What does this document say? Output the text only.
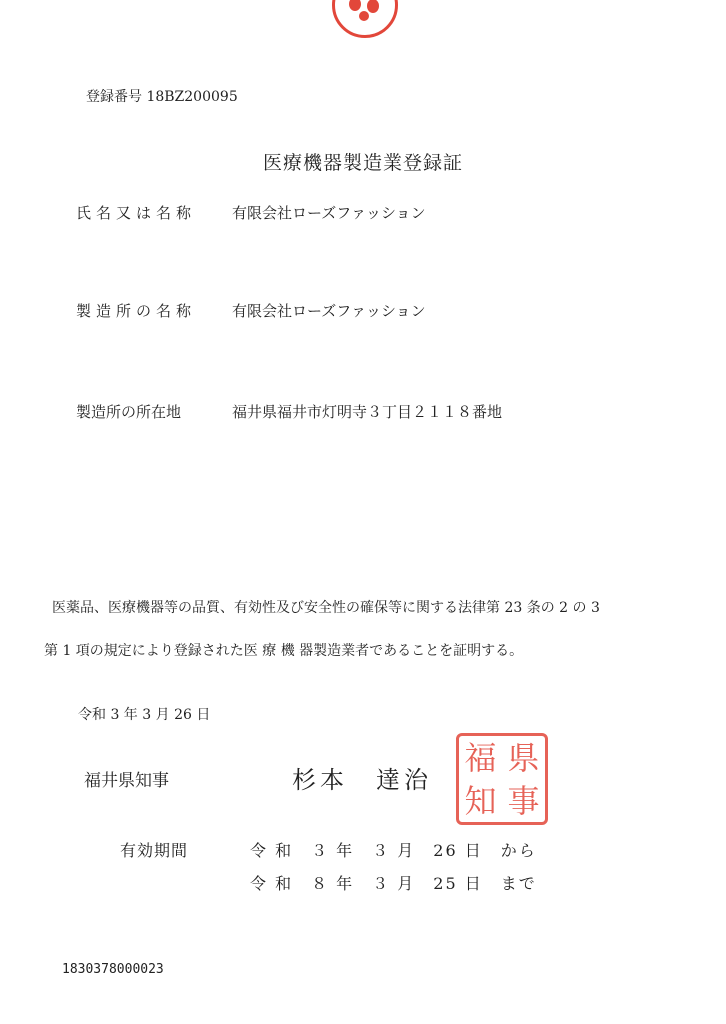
登録番号 18BZ200095
医療機器製造業登録証
氏名又は名称 有限会社ローズファッション
製造所の名称 有限会社ローズファッション
製造所の所在地	福井県福井市灯明寺３丁目２１１８番地
医薬品、医療機器等の品質、有効性及び安全性の確保等に関する法律第 23 条の 2 の 3
第 1 項の規定により登録された医 療 機 器製造業者であることを証明する。
令和 3 年 3 月 26 日
福井県知事	杉本　達治
福 県
知 事
有効期間	令 和　３ 年　３ 月　26 日　から
令 和　８ 年　３ 月　25 日　まで
1830378000023
